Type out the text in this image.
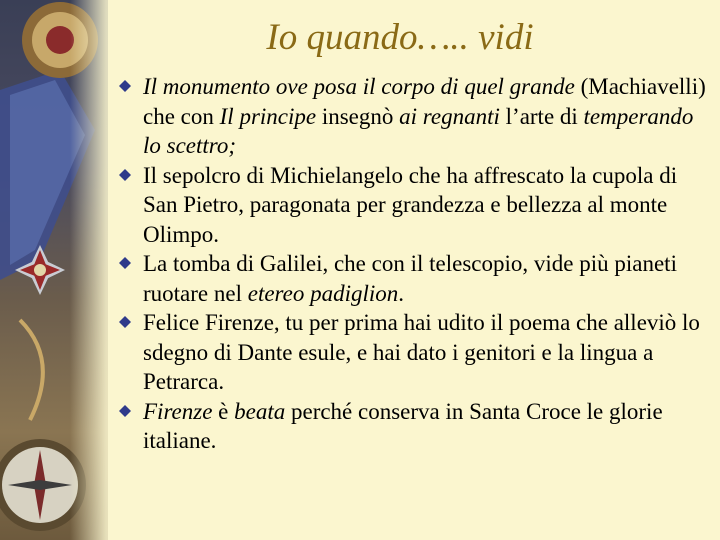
Io quando….. vidi
Il monumento ove posa il corpo di quel grande (Machiavelli) che con Il principe insegnò ai regnanti l’arte di temperando lo scettro;
Il sepolcro di Michielangelo che ha affrescato la cupola di San Pietro, paragonata per grandezza e bellezza al monte Olimpo.
La tomba di Galilei, che con il telescopio, vide più pianeti ruotare nel etereo padiglion.
Felice Firenze, tu per prima hai udito il poema che alleviò lo sdegno di Dante esule, e hai dato i genitori e la lingua a Petrarca.
Firenze è beata perché conserva in Santa Croce le glorie italiane.
